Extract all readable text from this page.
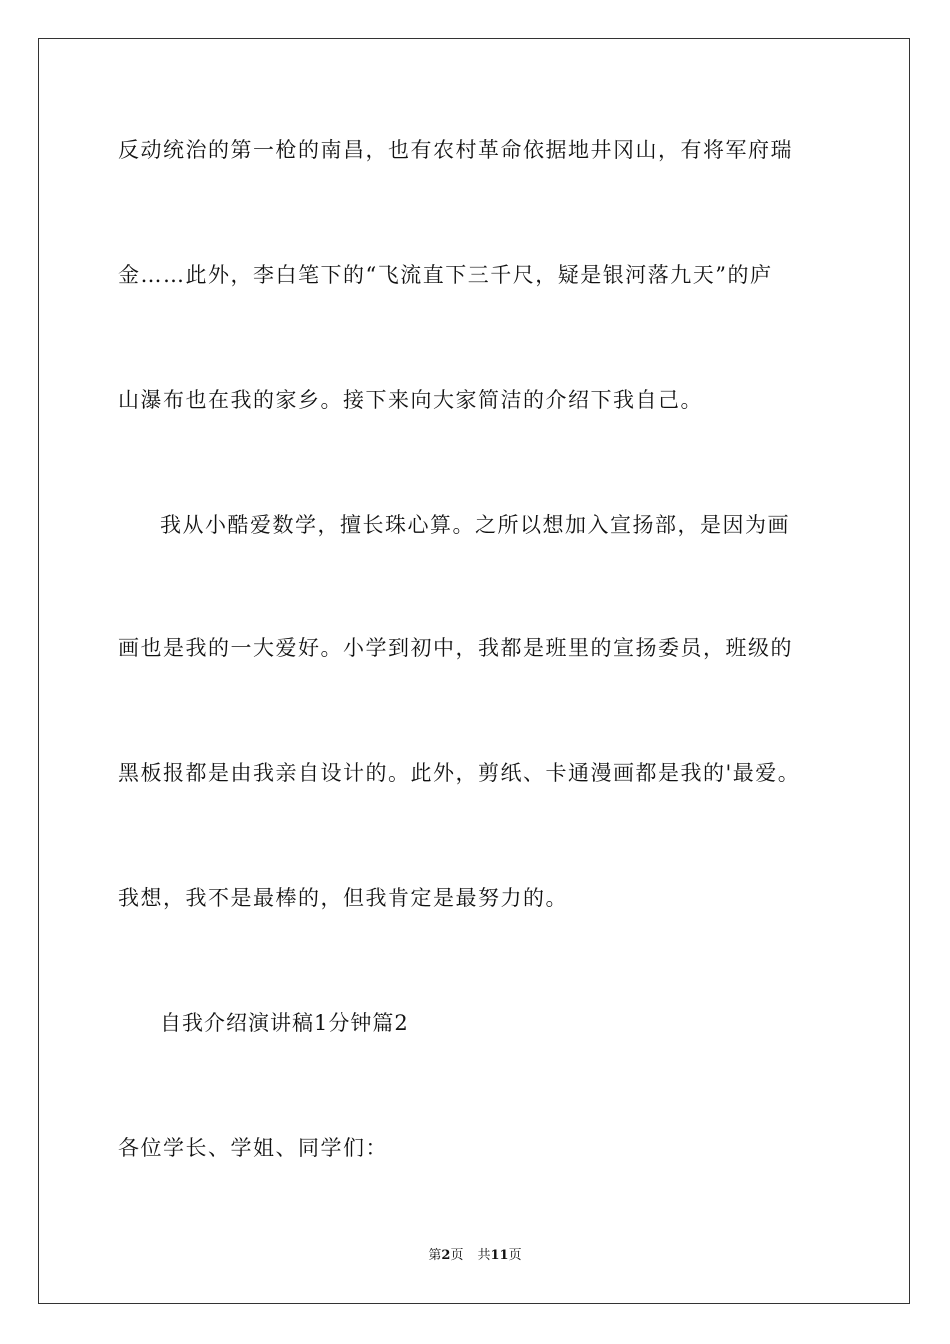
反动统治的第一枪的南昌，也有农村革命依据地井冈山，有将军府瑞
金……此外，李白笔下的“飞流直下三千尺，疑是银河落九天”的庐
山瀑布也在我的家乡。接下来向大家简洁的介绍下我自己。
我从小酷爱数学，擅长珠心算。之所以想加入宣扬部，是因为画
画也是我的一大爱好。小学到初中，我都是班里的宣扬委员，班级的
黑板报都是由我亲自设计的。此外，剪纸、卡通漫画都是我的'最爱。
我想，我不是最棒的，但我肯定是最努力的。
自我介绍演讲稿1分钟篇2
各位学长、学姐、同学们：
第2页 共11页
